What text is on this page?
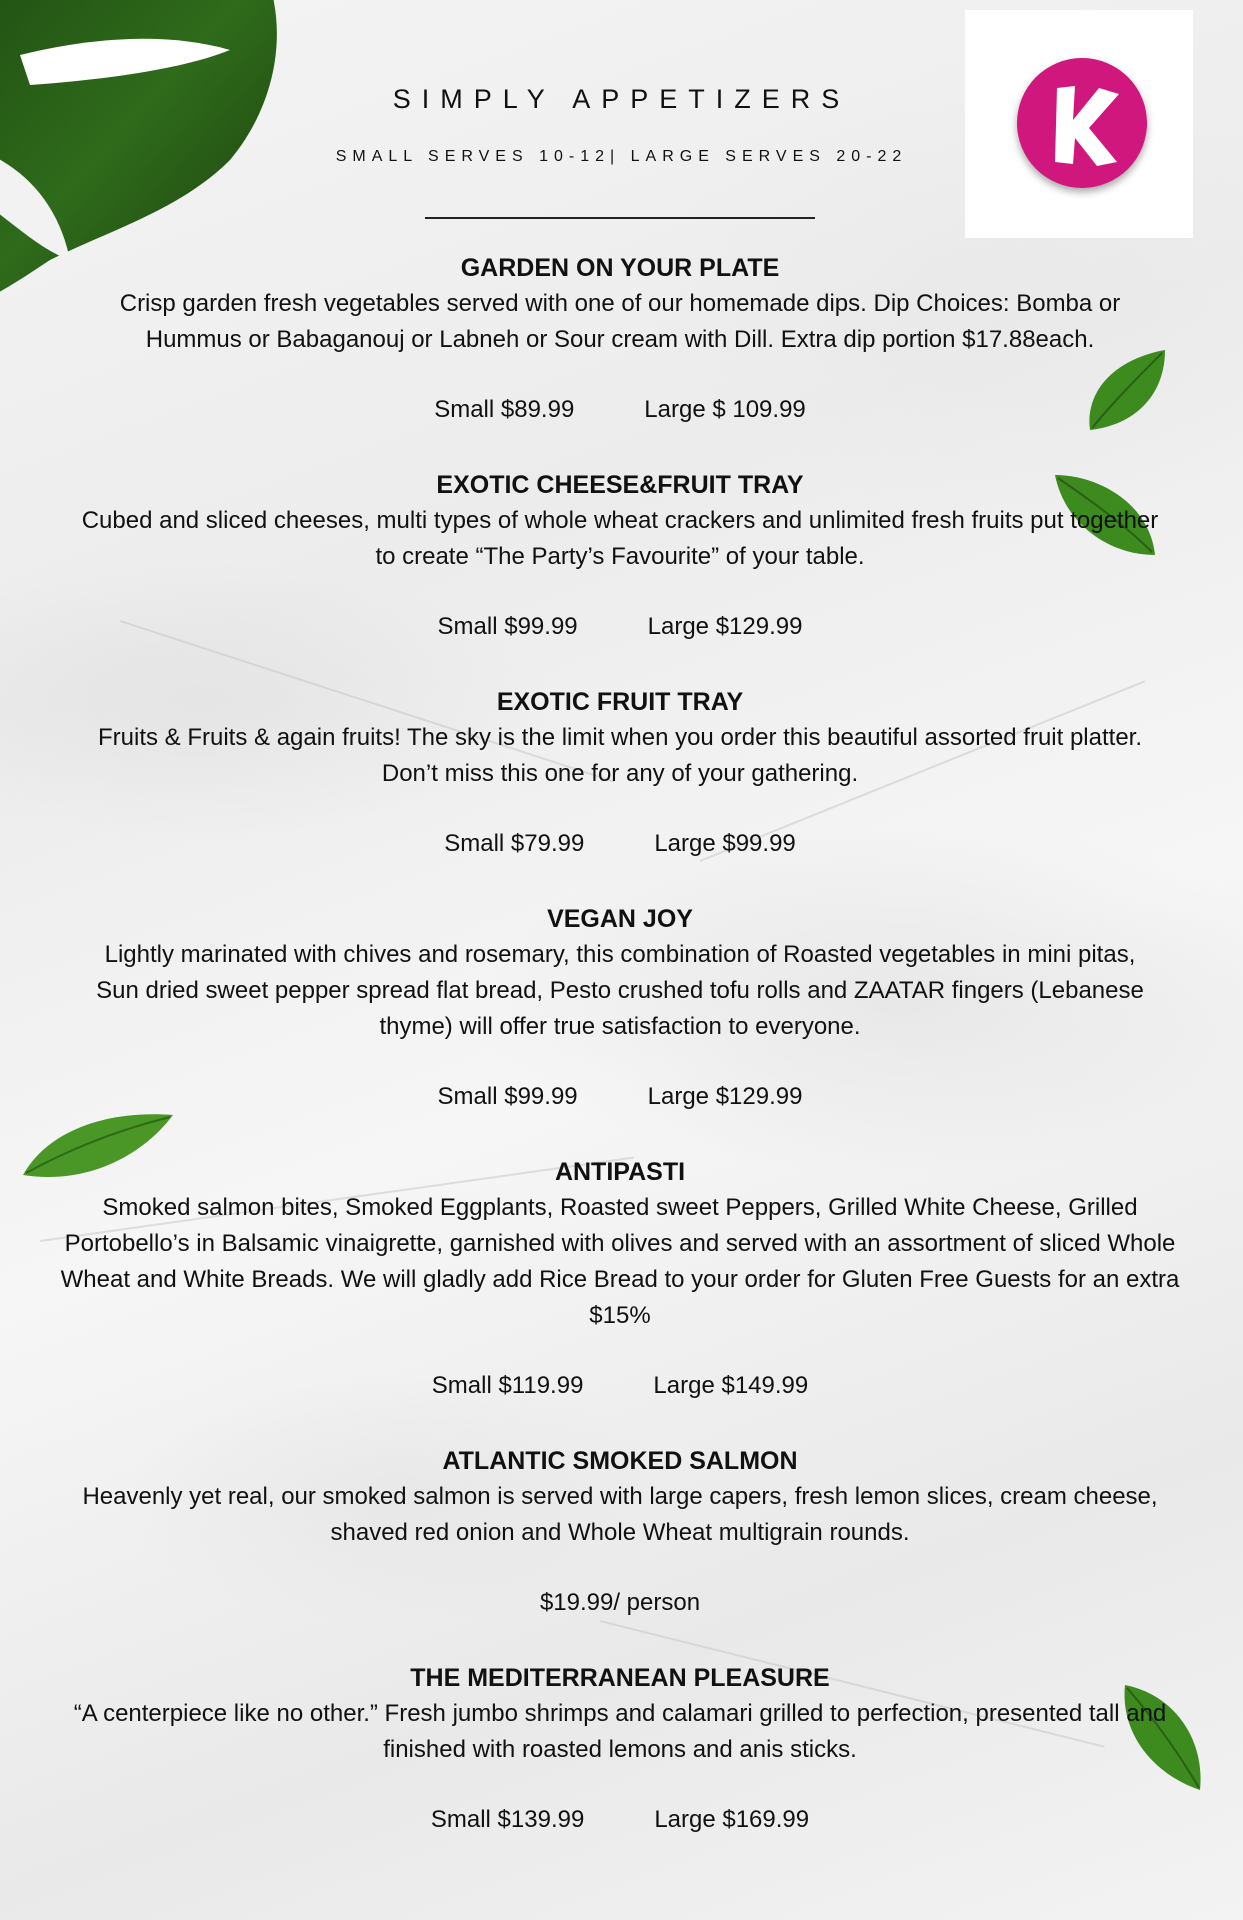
SIMPLY APPETIZERS
SMALL SERVES 10-12| LARGE SERVES 20-22
GARDEN ON YOUR PLATE
Crisp garden fresh vegetables served with one of our homemade dips. Dip Choices: Bomba or Hummus or Babaganouj or Labneh or Sour cream with Dill. Extra dip portion $17.88each.
Small $89.99	Large $ 109.99
EXOTIC CHEESE&FRUIT TRAY
Cubed and sliced cheeses, multi types of whole wheat crackers and unlimited fresh fruits put together to create “The Party’s Favourite” of your table.
Small $99.99	Large $129.99
EXOTIC FRUIT TRAY
Fruits & Fruits & again fruits! The sky is the limit when you order this beautiful assorted fruit platter. Don’t miss this one for any of your gathering.
Small $79.99	Large $99.99
VEGAN JOY
Lightly marinated with chives and rosemary, this combination of Roasted vegetables in mini pitas, Sun dried sweet pepper spread flat bread, Pesto crushed tofu rolls and ZAATAR fingers (Lebanese thyme) will offer true satisfaction to everyone.
Small $99.99	Large $129.99
ANTIPASTI
Smoked salmon bites, Smoked Eggplants, Roasted sweet Peppers, Grilled White Cheese, Grilled Portobello’s in Balsamic vinaigrette, garnished with olives and served with an assortment of sliced Whole Wheat and White Breads. We will gladly add Rice Bread to your order for Gluten Free Guests for an extra $15%
Small $119.99	Large $149.99
ATLANTIC SMOKED SALMON
Heavenly yet real, our smoked salmon is served with large capers, fresh lemon slices, cream cheese, shaved red onion and Whole Wheat multigrain rounds.
$19.99/ person
THE MEDITERRANEAN PLEASURE
“A centerpiece like no other.” Fresh jumbo shrimps and calamari grilled to perfection, presented tall and finished with roasted lemons and anis sticks.
Small $139.99	Large $169.99
